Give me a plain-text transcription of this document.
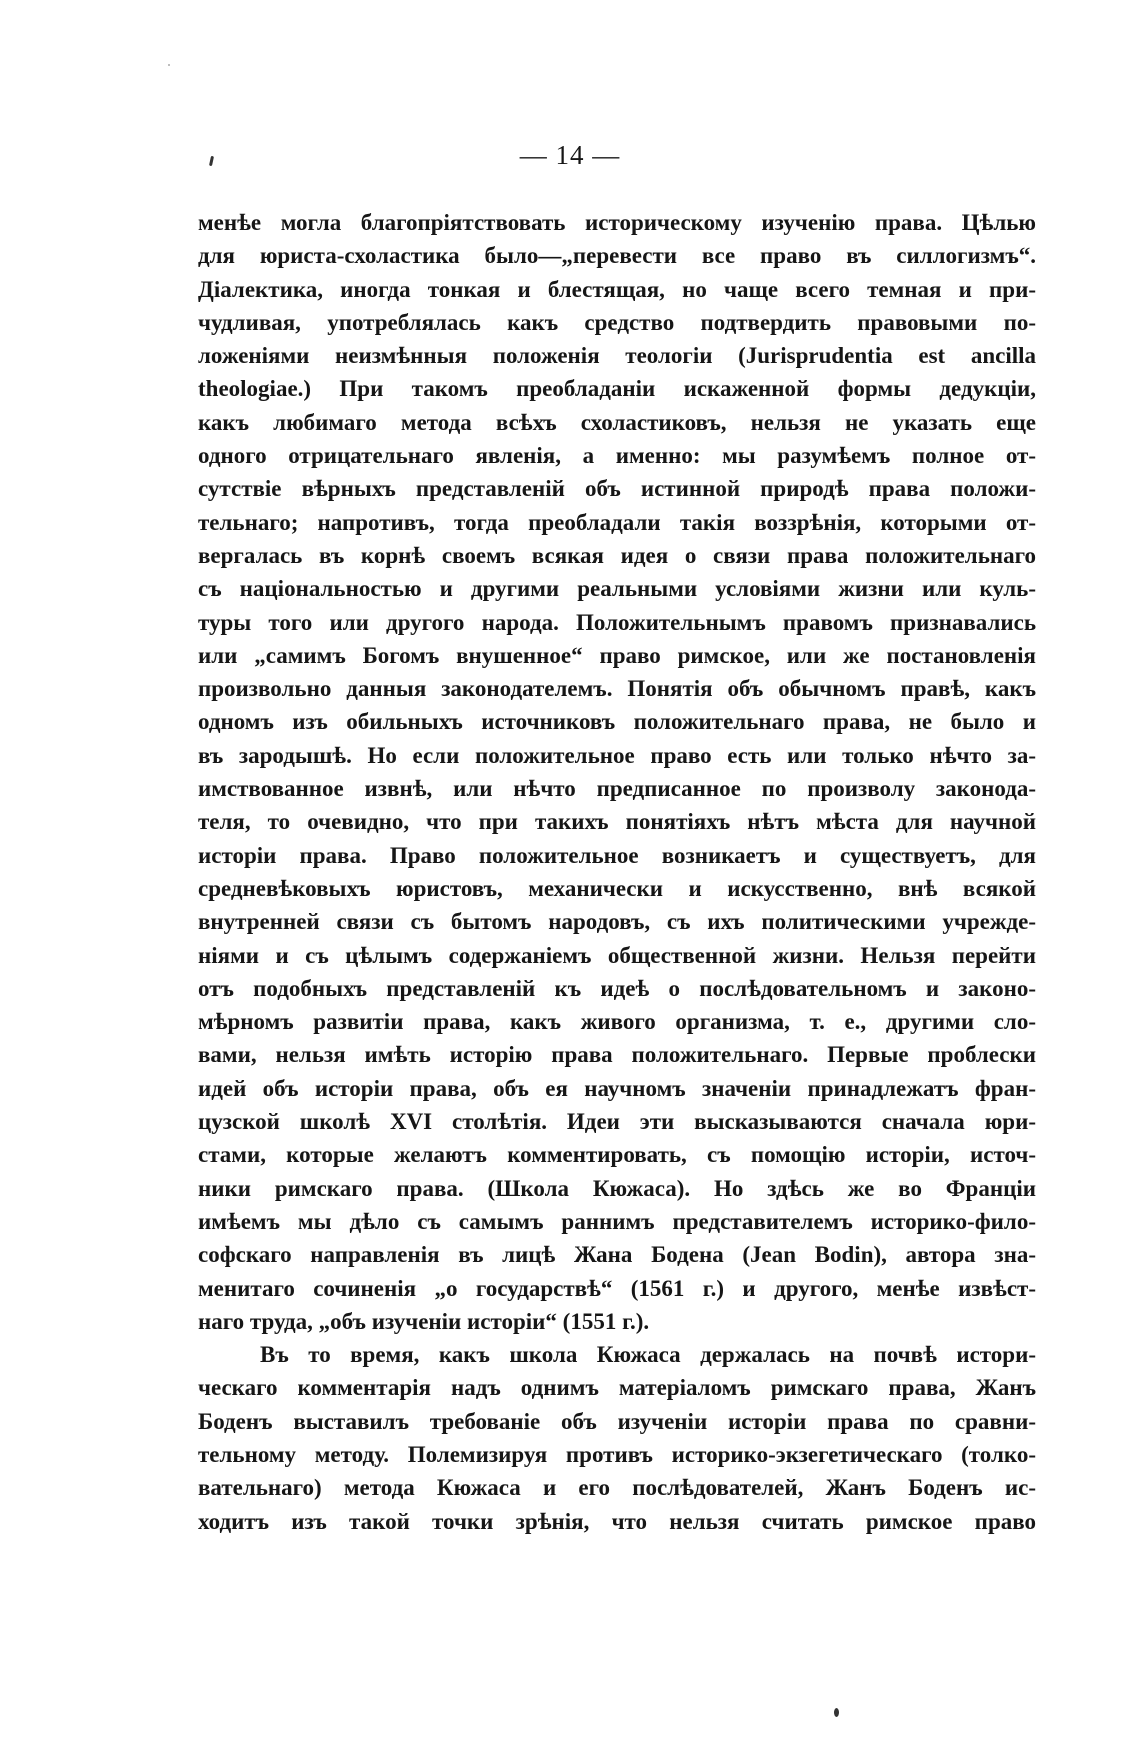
— 14 —
менѣе могла благопріятствовать историческому изученію права. Цѣлью
для юриста-схоластика было—„перевести все право въ силлогизмъ“.
Діалектика, иногда тонкая и блестящая, но чаще всего темная и при-
чудливая, употреблялась какъ средство подтвердить правовыми по-
ложеніями неизмѣнныя положенія теологіи (Jurisprudentia est ancilla
theologiae.) При такомъ преобладаніи искаженной формы дедукціи,
какъ любимаго метода всѣхъ схоластиковъ, нельзя не указать еще
одного отрицательнаго явленія, а именно: мы разумѣемъ полное от-
сутствіе вѣрныхъ представленій объ истинной природѣ права положи-
тельнаго; напротивъ, тогда преобладали такія воззрѣнія, которыми от-
вергалась въ корнѣ своемъ всякая идея о связи права положительнаго
съ національностью и другими реальными условіями жизни или куль-
туры того или другого народа. Положительнымъ правомъ признавались
или „самимъ Богомъ внушенное“ право римское, или же постановленія
произвольно данныя законодателемъ. Понятія объ обычномъ правѣ, какъ
одномъ изъ обильныхъ источниковъ положительнаго права, не было и
въ зародышѣ. Но если положительное право есть или только нѣчто за-
имствованное извнѣ, или нѣчто предписанное по произволу законода-
теля, то очевидно, что при такихъ понятіяхъ нѣтъ мѣста для научной
исторіи права. Право положительное возникаетъ и существуетъ, для
средневѣковыхъ юристовъ, механически и искусственно, внѣ всякой
внутренней связи съ бытомъ народовъ, съ ихъ политическими учрежде-
ніями и съ цѣлымъ содержаніемъ общественной жизни. Нельзя перейти
отъ подобныхъ представленій къ идеѣ о послѣдовательномъ и законо-
мѣрномъ развитіи права, какъ живого организма, т. е., другими сло-
вами, нельзя имѣть исторію права положительнаго. Первые проблески
идей объ исторіи права, объ ея научномъ значеніи принадлежатъ фран-
цузской школѣ XVI столѣтія. Идеи эти высказываются сначала юри-
стами, которые желаютъ комментировать, съ помощію исторіи, источ-
ники римскаго права. (Школа Кюжаса). Но здѣсь же во Франціи
имѣемъ мы дѣло съ самымъ раннимъ представителемъ историко-фило-
софскаго направленія въ лицѣ Жана Бодена (Jean Bodin), автора зна-
менитаго сочиненія „о государствѣ“ (1561 г.) и другого, менѣе извѣст-
наго труда, „объ изученіи исторіи“ (1551 г.).
Въ то время, какъ школа Кюжаса держалась на почвѣ истори-
ческаго комментарія надъ однимъ матеріаломъ римскаго права, Жанъ
Боденъ выставилъ требованіе объ изученіи исторіи права по сравни-
тельному методу. Полемизируя противъ историко-экзегетическаго (толко-
вательнаго) метода Кюжаса и его послѣдователей, Жанъ Боденъ ис-
ходитъ изъ такой точки зрѣнія, что нельзя считать римское право
